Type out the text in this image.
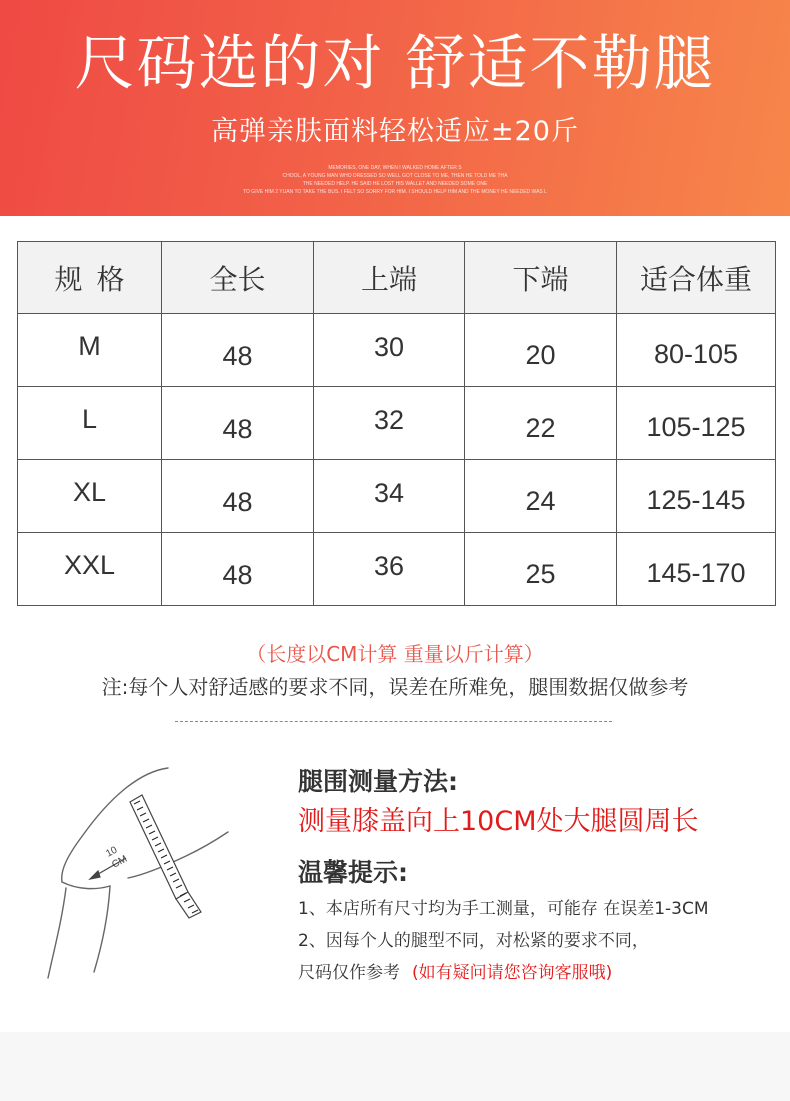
尺码选的对 舒适不勒腿
高弹亲肤面料轻松适应±20斤
MEMORIES, ONE DAY, WHEN I WALKED HOME AFTER S
CHOOL, A YOUNG MAN WHO DRESSED SO WELL GOT CLOSE TO ME, THEN HE TOLD ME THA
THE NEEDED HELP. HE SAID HE LOST HIS WALLET AND NEEDED SOME ONE
TO GIVE HIM 2 YUAN TO TAKE THE BUS. I FELT SO SORRY FOR HIM. I SHOULD HELP HIM AND THE MONEY HE NEEDED WAS L
规格	全长	上端	下端	适合体重
M	48	30	20	80-105
L	48	32	22	105-125
XL	48	34	24	125-145
XXL	48	36	25	145-170
（长度以CM计算 重量以斤计算）
注:每个人对舒适感的要求不同，误差在所难免，腿围数据仅做参考
10
CM
腿围测量方法:
测量膝盖向上10CM处大腿圆周长
温馨提示:
1、本店所有尺寸均为手工测量，可能存 在误差1-3CM
2、因每个人的腿型不同，对松紧的要求不同，
尺码仅作参考 (如有疑问请您咨询客服哦)
